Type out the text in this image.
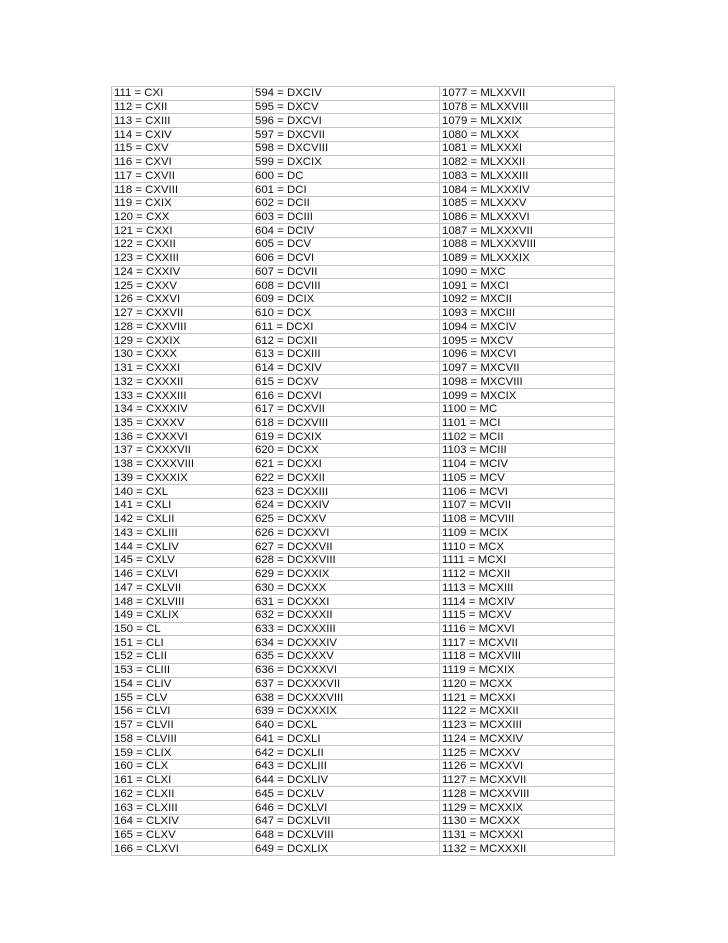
111 = CXI	594 = DXCIV	1077 = MLXXVII
112 = CXII	595 = DXCV	1078 = MLXXVIII
113 = CXIII	596 = DXCVI	1079 = MLXXIX
114 = CXIV	597 = DXCVII	1080 = MLXXX
115 = CXV	598 = DXCVIII	1081 = MLXXXI
116 = CXVI	599 = DXCIX	1082 = MLXXXII
117 = CXVII	600 = DC	1083 = MLXXXIII
118 = CXVIII	601 = DCI	1084 = MLXXXIV
119 = CXIX	602 = DCII	1085 = MLXXXV
120 = CXX	603 = DCIII	1086 = MLXXXVI
121 = CXXI	604 = DCIV	1087 = MLXXXVII
122 = CXXII	605 = DCV	1088 = MLXXXVIII
123 = CXXIII	606 = DCVI	1089 = MLXXXIX
124 = CXXIV	607 = DCVII	1090 = MXC
125 = CXXV	608 = DCVIII	1091 = MXCI
126 = CXXVI	609 = DCIX	1092 = MXCII
127 = CXXVII	610 = DCX	1093 = MXCIII
128 = CXXVIII	611 = DCXI	1094 = MXCIV
129 = CXXIX	612 = DCXII	1095 = MXCV
130 = CXXX	613 = DCXIII	1096 = MXCVI
131 = CXXXI	614 = DCXIV	1097 = MXCVII
132 = CXXXII	615 = DCXV	1098 = MXCVIII
133 = CXXXIII	616 = DCXVI	1099 = MXCIX
134 = CXXXIV	617 = DCXVII	1100 = MC
135 = CXXXV	618 = DCXVIII	1101 = MCI
136 = CXXXVI	619 = DCXIX	1102 = MCII
137 = CXXXVII	620 = DCXX	1103 = MCIII
138 = CXXXVIII	621 = DCXXI	1104 = MCIV
139 = CXXXIX	622 = DCXXII	1105 = MCV
140 = CXL	623 = DCXXIII	1106 = MCVI
141 = CXLI	624 = DCXXIV	1107 = MCVII
142 = CXLII	625 = DCXXV	1108 = MCVIII
143 = CXLIII	626 = DCXXVI	1109 = MCIX
144 = CXLIV	627 = DCXXVII	1110 = MCX
145 = CXLV	628 = DCXXVIII	1111 = MCXI
146 = CXLVI	629 = DCXXIX	1112 = MCXII
147 = CXLVII	630 = DCXXX	1113 = MCXIII
148 = CXLVIII	631 = DCXXXI	1114 = MCXIV
149 = CXLIX	632 = DCXXXII	1115 = MCXV
150 = CL	633 = DCXXXIII	1116 = MCXVI
151 = CLI	634 = DCXXXIV	1117 = MCXVII
152 = CLII	635 = DCXXXV	1118 = MCXVIII
153 = CLIII	636 = DCXXXVI	1119 = MCXIX
154 = CLIV	637 = DCXXXVII	1120 = MCXX
155 = CLV	638 = DCXXXVIII	1121 = MCXXI
156 = CLVI	639 = DCXXXIX	1122 = MCXXII
157 = CLVII	640 = DCXL	1123 = MCXXIII
158 = CLVIII	641 = DCXLI	1124 = MCXXIV
159 = CLIX	642 = DCXLII	1125 = MCXXV
160 = CLX	643 = DCXLIII	1126 = MCXXVI
161 = CLXI	644 = DCXLIV	1127 = MCXXVII
162 = CLXII	645 = DCXLV	1128 = MCXXVIII
163 = CLXIII	646 = DCXLVI	1129 = MCXXIX
164 = CLXIV	647 = DCXLVII	1130 = MCXXX
165 = CLXV	648 = DCXLVIII	1131 = MCXXXI
166 = CLXVI	649 = DCXLIX	1132 = MCXXXII
